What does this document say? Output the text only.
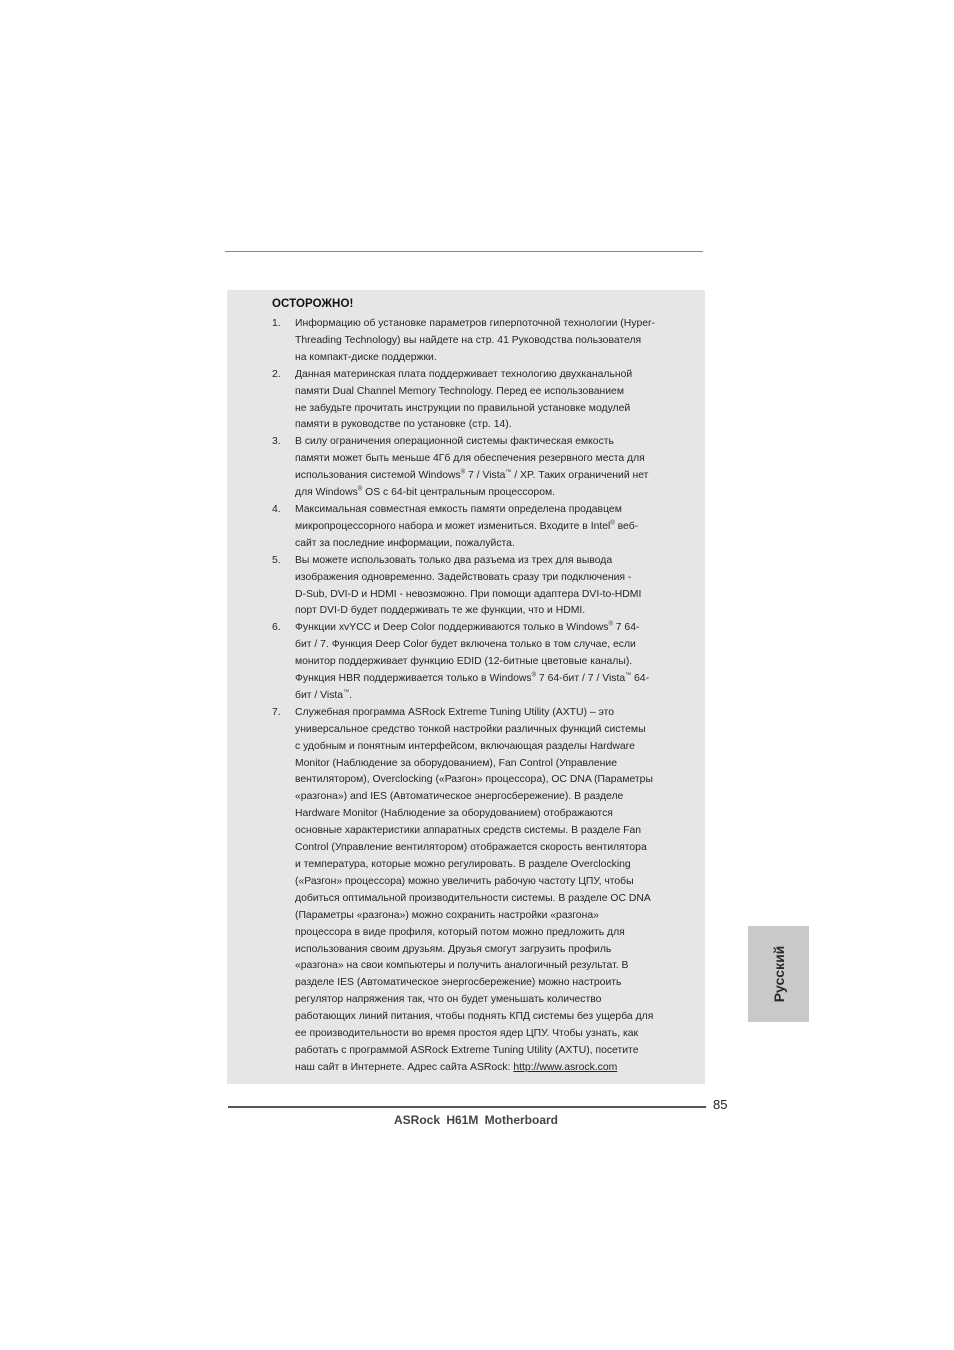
ОСТОРОЖНО!
1. Информацию об установке параметров гиперпоточной технологии (Hyper-
Threading Technology) вы найдете на стр. 41 Руководства пользователя
на компакт-диске поддержки.
2. Данная материнская плата поддерживает технологию двухканальной
памяти Dual Channel Memory Technology. Перед ее использованием
не забудьте прочитать инструкции по правильной установке модулей
памяти в руководстве по установке (стр. 14).
3. В силу ограничения операционной системы фактическая емкость
памяти может быть меньше 4Гб для обеспечения резервного места для
использования системой Windows® 7 / Vista™ / XP. Таких ограничений нет
для Windows® OS с 64-bit центральным процессором.
4. Максимальная совместная емкость памяти определена продавцем
микропроцессорного набора и может измениться. Входите в Intel® веб-
сайт за последние информации, пожалуйста.
5. Вы можете использовать только два разъема из трех для вывода
изображения одновременно. Задействовать сразу три подключения -
D-Sub, DVI-D и HDMI - невозможно. При помощи адаптера DVI-to-HDMI
порт DVI-D будет поддерживать те же функции, что и HDMI.
6. Функции xvYCC и Deep Color поддерживаются только в Windows® 7 64-
бит / 7. Функция Deep Color будет включена только в том случае, если
монитор поддерживает функцию EDID (12-битные цветовые каналы).
Функция HBR поддерживается только в Windows® 7 64-бит / 7 / Vista™ 64-
бит / Vista™.
7. Служебная программа ASRock Extreme Tuning Utility (AXTU) – это
универсальное средство тонкой настройки различных функций системы
с удобным и понятным интерфейсом, включающая разделы Hardware
Monitor (Наблюдение за оборудованием), Fan Control (Управление
вентилятором), Overclocking («Разгон» процессора), OC DNA (Параметры
«разгона») and IES (Автоматическое энергосбережение). В разделе
Hardware Monitor (Наблюдение за оборудованием) отображаются
основные характеристики аппаратных средств системы. В разделе Fan
Control (Управление вентилятором) отображается скорость вентилятора
и температура, которые можно регулировать. В разделе Overclocking
(«Разгон» процессора) можно увеличить рабочую частоту ЦПУ, чтобы
добиться оптимальной производительности системы. В разделе OC DNA
(Параметры «разгона») можно сохранить настройки «разгона»
процессора в виде профиля, который потом можно предложить для
использования своим друзьям. Друзья смогут загрузить профиль
«разгона» на свои компьютеры и получить аналогичный результат. В
разделе IES (Автоматическое энергосбережение) можно настроить
регулятор напряжения так, что он будет уменьшать количество
работающих линий питания, чтобы поднять КПД системы без ущерба для
ее производительности во время простоя ядер ЦПУ. Чтобы узнать, как
работать с программой ASRock Extreme Tuning Utility (AXTU), посетите
наш сайт в Интернете. Адрес сайта ASRock: http://www.asrock.com
Русский
85
ASRock H61M Motherboard
